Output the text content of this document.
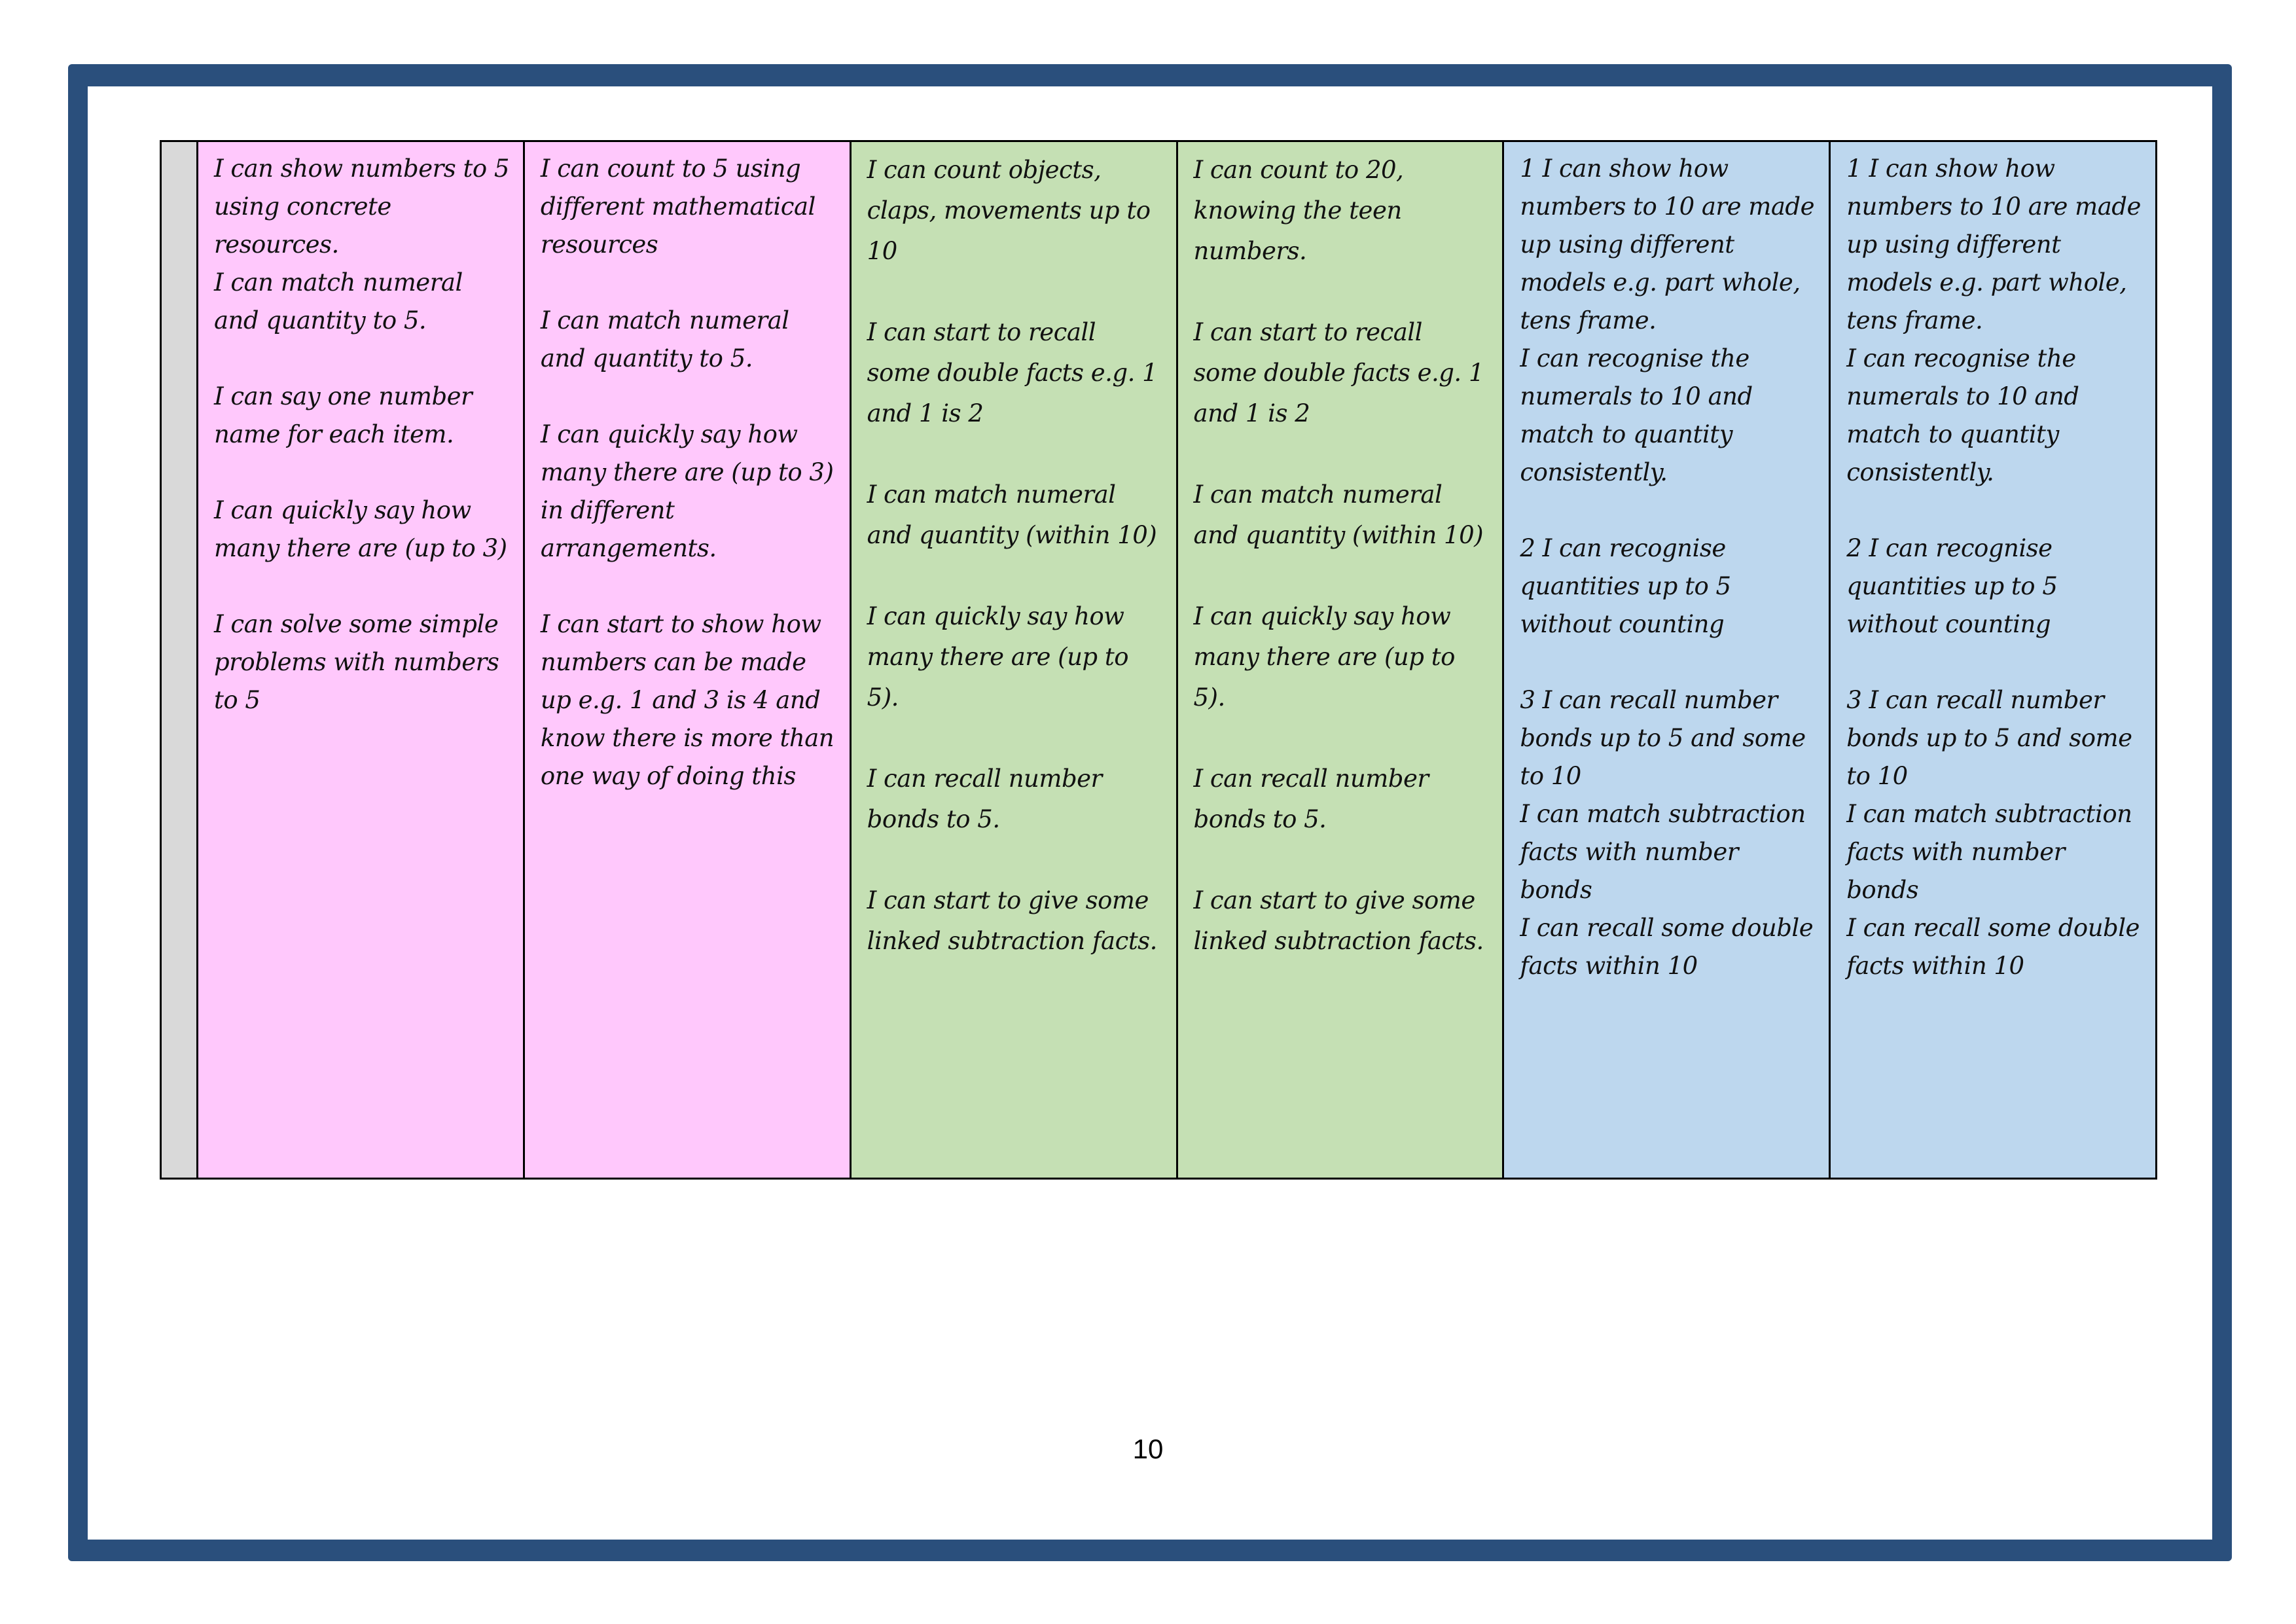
I can show numbers to 5 using concrete resources.
I can match numeral and quantity to 5.

I can say one number name for each item.

I can quickly say how many there are (up to 3)

I can solve some simple problems with numbers to 5

I can count to 5 using different mathematical resources

I can match numeral and quantity to 5.

I can quickly say how many there are (up to 3) in different arrangements.

I can start to show how numbers can be made up e.g. 1 and 3 is 4 and know there is more than one way of doing this

I can count objects, claps, movements up to 10

I can start to recall some double facts e.g. 1 and 1 is 2

I can match numeral and quantity (within 10)

I can quickly say how many there are (up to 5).

I can recall number bonds to 5.

I can start to give some linked subtraction facts.

I can count to 20, knowing the teen numbers.

I can start to recall some double facts e.g. 1 and 1 is 2

I can match numeral and quantity (within 10)

I can quickly say how many there are (up to 5).

I can recall number bonds to 5.

I can start to give some linked subtraction facts.

1 I can show how numbers to 10 are made up using different models e.g. part whole, tens frame.
I can recognise the numerals to 10 and match to quantity consistently.

2 I can recognise quantities up to 5 without counting

3 I can recall number bonds up to 5 and some to 10
I can match subtraction facts with number bonds
I can recall some double facts within 10

1 I can show how numbers to 10 are made up using different models e.g. part whole, tens frame.
I can recognise the numerals to 10 and match to quantity consistently.

2 I can recognise quantities up to 5 without counting

3 I can recall number bonds up to 5 and some to 10
I can match subtraction facts with number bonds
I can recall some double facts within 10

10
